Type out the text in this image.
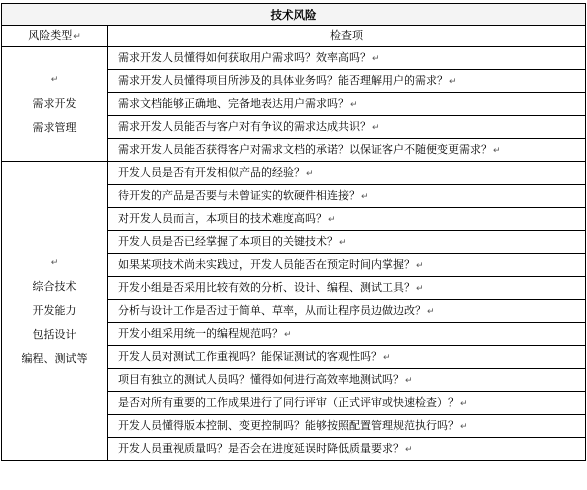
技术风险	
风险类型↵	检查项

↵
需求开发
需求管理	需求开发人员懂得如何获取用户需求吗？效率高吗？↵
	需求开发人员懂得项目所涉及的具体业务吗？能否理解用户的需求？↵
	需求文档能够正确地、完备地表达用户需求吗？↵
	需求开发人员能否与客户对有争议的需求达成共识？↵
	需求开发人员能否获得客户对需求文档的承诺？以保证客户不随便变更需求？↵

↵
综合技术
开发能力
包括设计
编程、测试等	开发人员是否有开发相似产品的经验？↵
	待开发的产品是否要与未曾证实的软硬件相连接？↵
	对开发人员而言，本项目的技术难度高吗？↵
	开发人员是否已经掌握了本项目的关键技术？↵
	如果某项技术尚未实践过，开发人员能否在预定时间内掌握？↵
	开发小组是否采用比较有效的分析、设计、编程、测试工具？↵
	分析与设计工作是否过于简单、草率，从而让程序员边做边改？↵
	开发小组采用统一的编程规范吗？↵
	开发人员对测试工作重视吗？能保证测试的客观性吗？↵
	项目有独立的测试人员吗？懂得如何进行高效率地测试吗？↵
	是否对所有重要的工作成果进行了同行评审（正式评审或快速检查）？↵
	开发人员懂得版本控制、变更控制吗？能够按照配置管理规范执行吗？↵
	开发人员重视质量吗？是否会在进度延误时降低质量要求？↵
